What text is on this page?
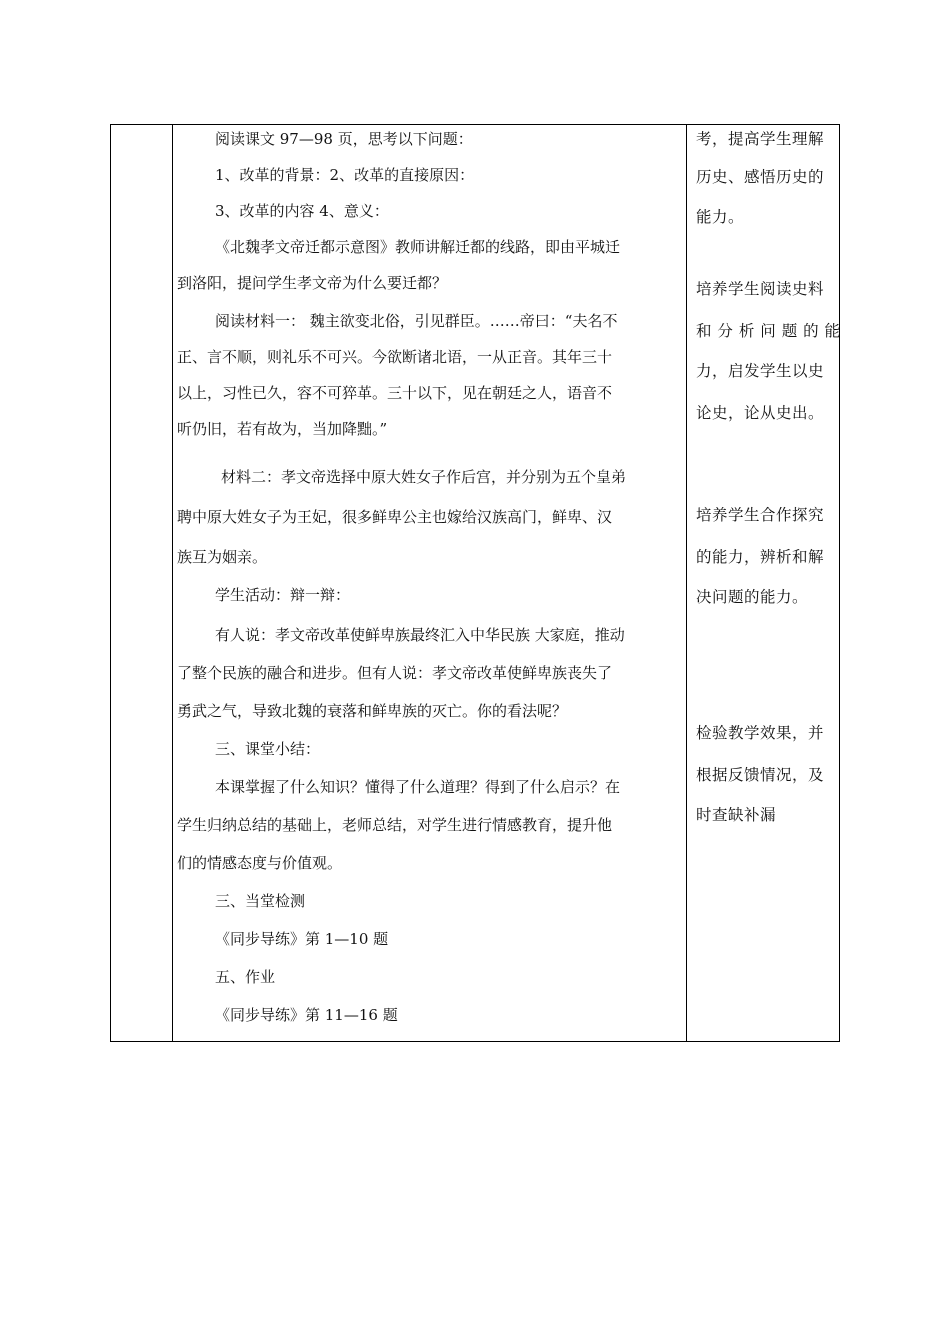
阅读课文 97—98 页，思考以下问题：
1、改革的背景：2、改革的直接原因：
3、改革的内容 4、意义：
《北魏孝文帝迁都示意图》教师讲解迁都的线路，即由平城迁
到洛阳，提问学生孝文帝为什么要迁都？
阅读材料一： 魏主欲变北俗，引见群臣。……帝曰：“夫名不
正、言不顺，则礼乐不可兴。今欲断诸北语，一从正音。其年三十
以上，习性已久，容不可猝革。三十以下，见在朝廷之人，语音不
听仍旧，若有故为，当加降黜。”
材料二：孝文帝选择中原大姓女子作后宫，并分别为五个皇弟
聘中原大姓女子为王妃，很多鲜卑公主也嫁给汉族高门，鲜卑、汉
族互为姻亲。
学生活动：辩一辩：
有人说：孝文帝改革使鲜卑族最终汇入中华民族 大家庭，推动
了整个民族的融合和进步。但有人说：孝文帝改革使鲜卑族丧失了
勇武之气，导致北魏的衰落和鲜卑族的灭亡。你的看法呢？
三、课堂小结：
本课掌握了什么知识？懂得了什么道理？得到了什么启示？在
学生归纳总结的基础上，老师总结，对学生进行情感教育，提升他
们的情感态度与价值观。
三、当堂检测
《同步导练》第 1—10 题
五、作业
《同步导练》第 11—16 题
考，提高学生理解
历史、感悟历史的
能力。
培养学生阅读史料
和 分 析 问 题 的 能
力，启发学生以史
论史，论从史出。
培养学生合作探究
的能力，辨析和解
决问题的能力。
检验教学效果，并
根据反馈情况，及
时查缺补漏
